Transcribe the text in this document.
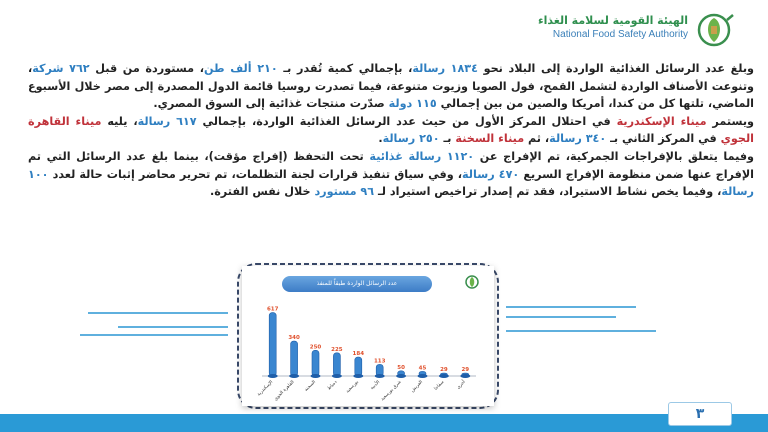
الهيئة القومية لسلامة الغذاء
National Food Safety Authority

وبلغ عدد الرسائل الغذائية الواردة إلى البلاد نحو ١٨٣٤ رسالة، بإجمالي كمية تُقدر بـ ٢١٠ ألف طن، مستوردة من قبل ٧٦٢ شركة، وتنوعت الأصناف الواردة لتشمل القمح، فول الصويا وزيوت متنوعة، فيما تصدرت روسيا قائمة الدول المصدرة إلى مصر خلال الأسبوع الماضي، تلتها كل من كندا، أمريكا والصين من بين إجمالي ١١٥ دولة صدّرت منتجات غذائية إلى السوق المصري.

ويستمر ميناء الإسكندرية في احتلال المركز الأول من حيث عدد الرسائل الغذائية الواردة، بإجمالي ٦١٧ رسالة، يليه ميناء القاهرة الجوي في المركز الثاني بـ ٣٤٠ رسالة، ثم ميناء السخنة بـ ٢٥٠ رسالة.

وفيما يتعلق بالإفراجات الجمركية، تم الإفراج عن ١١٢٠ رسالة غذائية تحت التحفظ (إفراج مؤقت)، بينما بلغ عدد الرسائل التي تم الإفراج عنها ضمن منظومة الإفراج السريع ٤٧٠ رسالة، وفي سياق تنفيذ قرارات لجنة التظلمات، تم تحرير محاضر إثبات حالة لعدد ١٠٠ رسالة، وفيما يخص نشاط الاستيراد، فقد تم إصدار تراخيص استيراد لـ ٩٦ مستورد خلال نفس الفترة.

عدد الرسائل الواردة طبقاً للمنفذ
617
الإسكندرية
340
القاهرة الجوي
250
السخنة
225
دمياط
184
بورسعيد
113
الأدبية
50
شرق بورسعيد
45
العريش
29
سفاجا
29
أخرى
٣
